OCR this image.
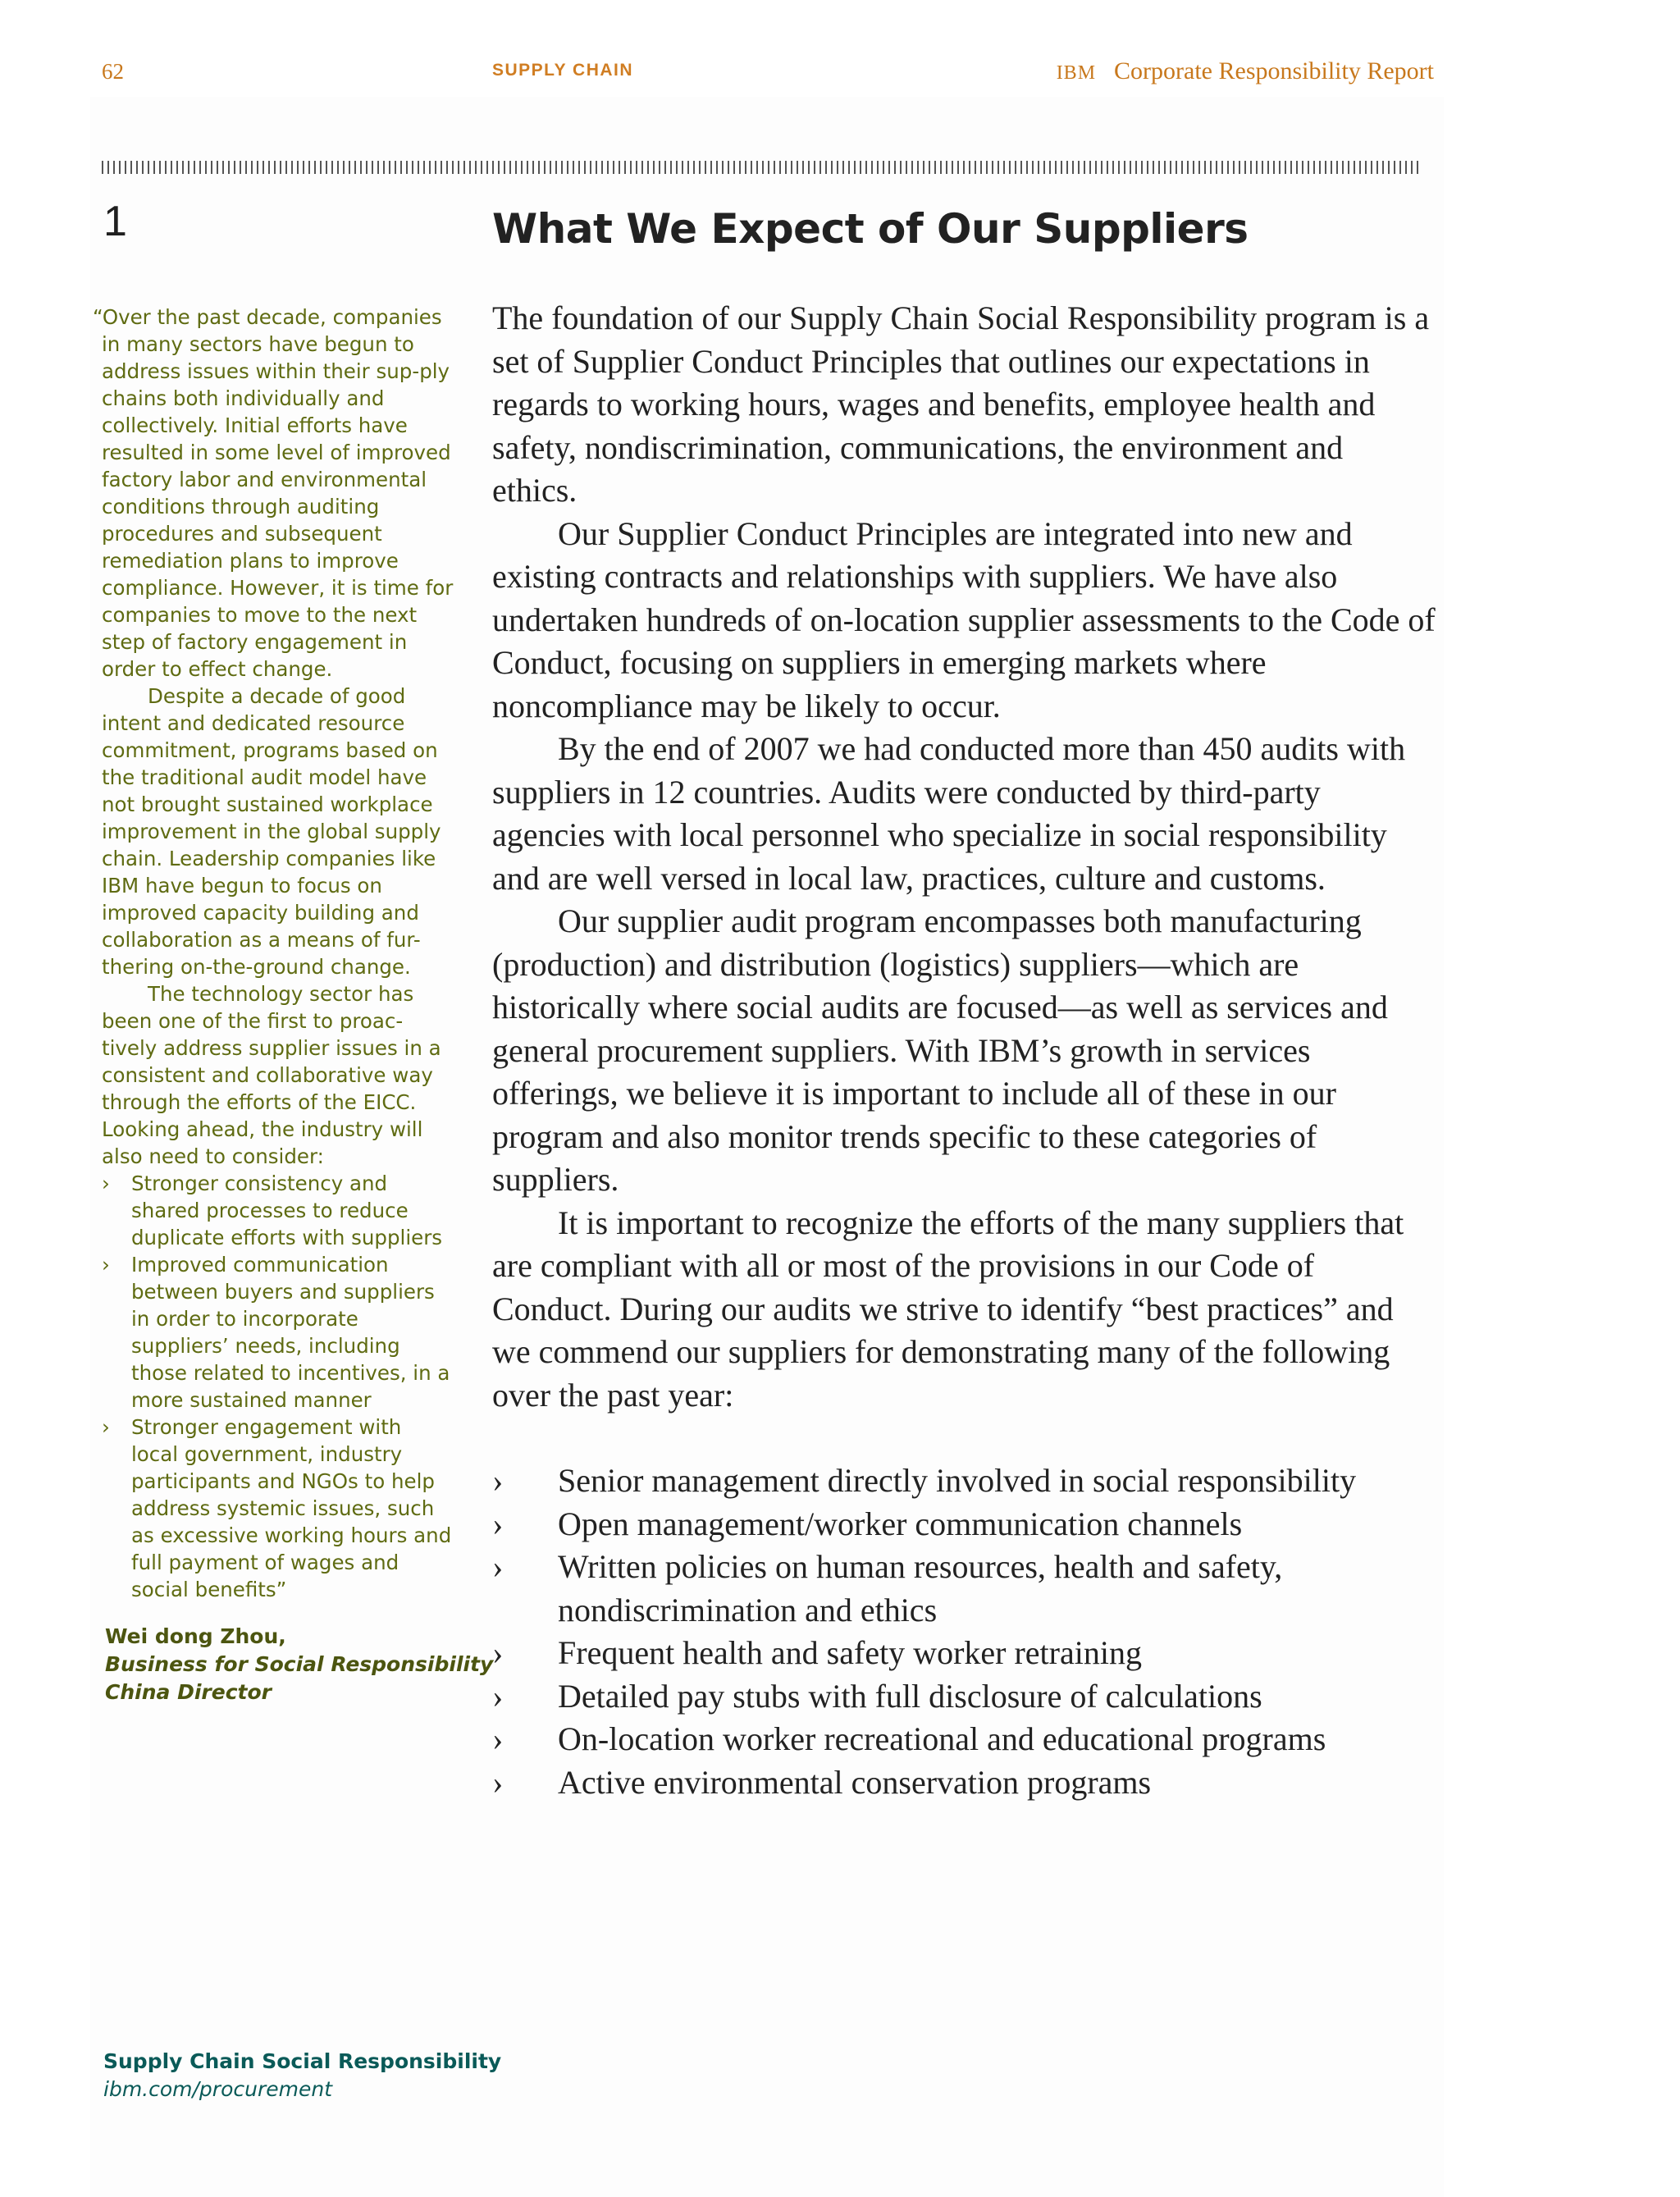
62	SUPPLY CHAIN	IBM Corporate Responsibility Report
1	What We Expect of Our Suppliers

“Over the past decade, companies in many sectors have begun to address issues within their sup-ply chains both individually and collectively. Initial efforts have resulted in some level of improved factory labor and environmental conditions through auditing procedures and subsequent remediation plans to improve compliance. However, it is time for companies to move to the next step of factory engagement in order to effect change.

Despite a decade of good intent and dedicated resource commitment, programs based on the traditional audit model have not brought sustained workplace improvement in the global supply chain. Leadership companies like IBM have begun to focus on improved capacity building and collaboration as a means of fur-thering on-the-ground change.

The technology sector has been one of the first to proac-tively address supplier issues in a consistent and collaborative way through the efforts of the EICC. Looking ahead, the industry will also need to consider:

› Stronger consistency and shared processes to reduce duplicate efforts with suppliers
› Improved communication between buyers and suppliers in order to incorporate suppliers’ needs, including those related to incentives, in a more sustained manner
› Stronger engagement with local government, industry participants and NGOs to help address systemic issues, such as excessive working hours and full payment of wages and social benefits”
Wei dong Zhou,
Business for Social Responsibility
China Director
Supply Chain Social Responsibility
ibm.com/procurement

The foundation of our Supply Chain Social Responsibility program is a set of Supplier Conduct Principles that outlines our expectations in regards to working hours, wages and benefits, employee health and safety, nondiscrimination, communications, the environment and ethics.

Our Supplier Conduct Principles are integrated into new and existing contracts and relationships with suppliers. We have also undertaken hundreds of on-location supplier assessments to the Code of Conduct, focusing on suppliers in emerging markets where noncompliance may be likely to occur.

By the end of 2007 we had conducted more than 450 audits with suppliers in 12 countries. Audits were conducted by third-party agencies with local personnel who specialize in social responsibility and are well versed in local law, practices, culture and customs.

Our supplier audit program encompasses both manufacturing (production) and distribution (logistics) suppliers—which are historically where social audits are focused—as well as services and general procurement suppliers. With IBM’s growth in services offerings, we believe it is important to include all of these in our program and also monitor trends specific to these categories of suppliers.

It is important to recognize the efforts of the many suppliers that are compliant with all or most of the provisions in our Code of Conduct. During our audits we strive to identify “best practices” and we commend our suppliers for demonstrating many of the following over the past year:

› Senior management directly involved in social responsibility
› Open management/worker communication channels
› Written policies on human resources, health and safety, nondiscrimination and ethics
› Frequent health and safety worker retraining
› Detailed pay stubs with full disclosure of calculations
› On-location worker recreational and educational programs
› Active environmental conservation programs
